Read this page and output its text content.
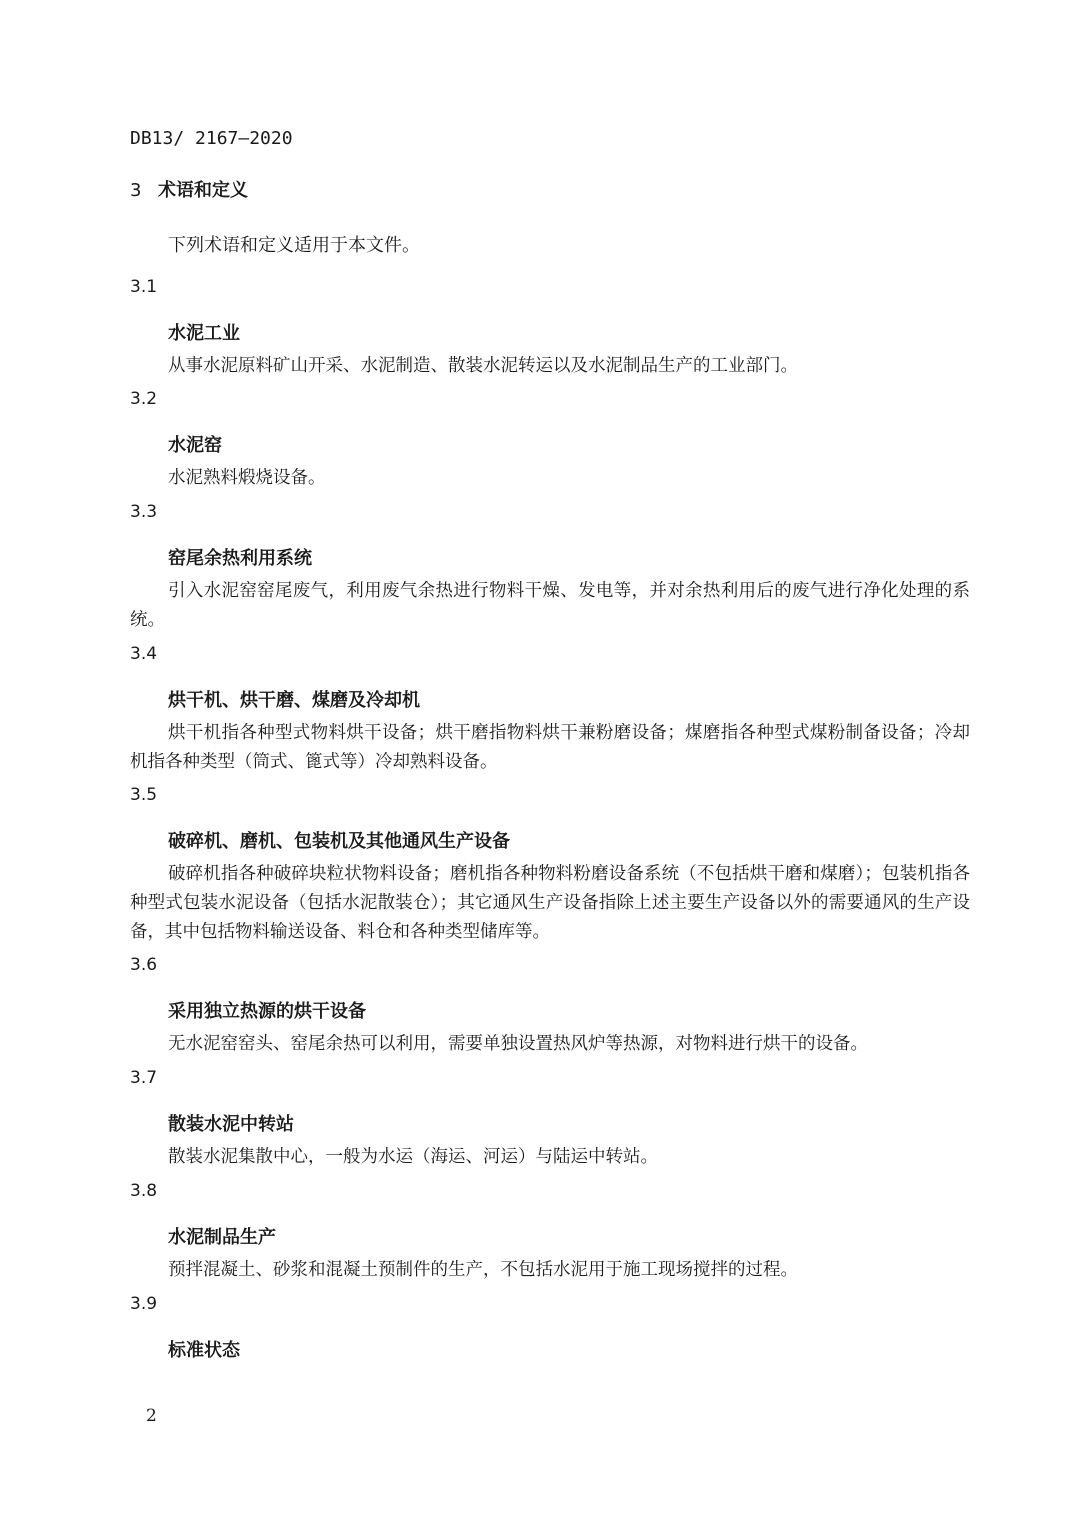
DB13/ 2167—2020
3 术语和定义
下列术语和定义适用于本文件。
3.1
水泥工业

从事水泥原料矿山开采、水泥制造、散装水泥转运以及水泥制品生产的工业部门。

3.2
水泥窑

水泥熟料煅烧设备。

3.3
窑尾余热利用系统

引入水泥窑窑尾废气，利用废气余热进行物料干燥、发电等，并对余热利用后的废气进行净化处理的系统。

3.4
烘干机、烘干磨、煤磨及冷却机

烘干机指各种型式物料烘干设备；烘干磨指物料烘干兼粉磨设备；煤磨指各种型式煤粉制备设备；冷却机指各种类型（筒式、篦式等）冷却熟料设备。

3.5
破碎机、磨机、包装机及其他通风生产设备

破碎机指各种破碎块粒状物料设备；磨机指各种物料粉磨设备系统（不包括烘干磨和煤磨）；包装机指各种型式包装水泥设备（包括水泥散装仓）；其它通风生产设备指除上述主要生产设备以外的需要通风的生产设备，其中包括物料输送设备、料仓和各种类型储库等。

3.6
采用独立热源的烘干设备

无水泥窑窑头、窑尾余热可以利用，需要单独设置热风炉等热源，对物料进行烘干的设备。

3.7
散装水泥中转站

散装水泥集散中心，一般为水运（海运、河运）与陆运中转站。

3.8
水泥制品生产

预拌混凝土、砂浆和混凝土预制件的生产，不包括水泥用于施工现场搅拌的过程。

3.9
标准状态
2
